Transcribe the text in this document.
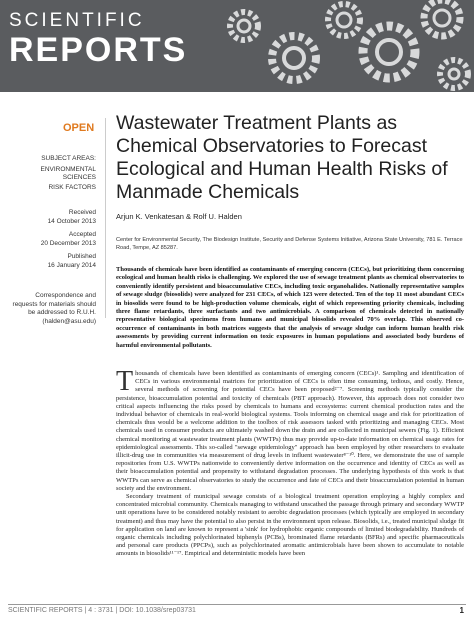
SCIENTIFIC
REPORTS
OPEN
SUBJECT AREAS:
ENVIRONMENTAL SCIENCES
RISK FACTORS
Received
14 October 2013
Accepted
20 December 2013
Published
16 January 2014
Correspondence and requests for materials should be addressed to R.U.H. (halden@asu.edu)
Wastewater Treatment Plants as Chemical Observatories to Forecast Ecological and Human Health Risks of Manmade Chemicals
Arjun K. Venkatesan & Rolf U. Halden
Center for Environmental Security, The Biodesign Institute, Security and Defense Systems Initiative, Arizona State University, 781 E. Terrace Road, Tempe, AZ 85287.
Thousands of chemicals have been identified as contaminants of emerging concern (CECs), but prioritizing them concerning ecological and human health risks is challenging. We explored the use of sewage treatment plants as chemical observatories to conveniently identify persistent and bioaccumulative CECs, including toxic organohalides. Nationally representative samples of sewage sludge (biosolids) were analyzed for 231 CECs, of which 123 were detected. Ten of the top 11 most abundant CECs in biosolids were found to be high-production volume chemicals, eight of which representing priority chemicals, including three flame retardants, three surfactants and two antimicrobials. A comparison of chemicals detected in nationally representative biological specimens from humans and municipal biosolids revealed 70% overlap. This observed co-occurrence of contaminants in both matrices suggests that the analysis of sewage sludge can inform human health risk assessments by providing current information on toxic exposures in human populations and associated body burdens of harmful environmental pollutants.

Thousands of chemicals have been identified as contaminants of emerging concern (CECs)¹. Sampling and identification of CECs in various environmental matrices for prioritization of CECs is often time consuming, tedious, and costly. Hence, several methods of screening for potential CECs have been proposed²⁻⁷. Screening methods typically consider the persistence, bioaccumulation potential and toxicity of chemicals (PBT approach). However, this approach does not consider two critical aspects influencing the risks posed by chemicals to humans and ecosystems: current chemical production rates and the individual behavior of chemicals in real-world biological systems. Tools informing on chemical usage and risk for prioritization of chemicals thus would be a welcome addition to the toolbox of risk assessors tasked with prioritizing and managing CECs. Most chemicals used in consumer products are ultimately washed down the drain and are collected in municipal sewers (Fig. 1). Efficient chemical monitoring at wastewater treatment plants (WWTPs) thus may provide up-to-date information on chemical usage rates for epidemiological assessments. This so-called "sewage epidemiology" approach has been employed by other researchers to evaluate illicit-drug use in communities via measurement of drug levels in influent wastewater⁸⁻¹⁰. Here, we demonstrate the use of sample repositories from U.S. WWTPs nationwide to conveniently derive information on the occurrence and identity of CECs as well as their bioaccumulation potential and propensity to withstand degradation processes. The underlying hypothesis of this work is that WWTPs can serve as chemical observatories to study the occurrence and fate of CECs and their bioaccumulation potential in human society and the environment.

Secondary treatment of municipal sewage consists of a biological treatment operation employing a highly complex and concentrated microbial community. Chemicals managing to withstand unscathed the passage through primary and secondary WWTP unit operations have to be considered notably resistant to aerobic degradation processes (which typically are employed in secondary treatment) and thus may have the potential to also persist in the environment upon release. Biosolids, i.e., treated municipal sludge fit for application on land are known to represent a 'sink' for hydrophobic organic compounds of limited biodegradability. Hundreds of organic chemicals including polychlorinated biphenyls (PCBs), brominated flame retardants (BFRs) and specific pharmaceuticals and personal care products (PPCPs), such as polychlorinated aromatic antimicrobials have been shown to accumulate to notable amounts in biosolids¹¹⁻¹⁷. Empirical and deterministic models have been

SCIENTIFIC REPORTS | 4 : 3731 | DOI: 10.1038/srep03731	1
